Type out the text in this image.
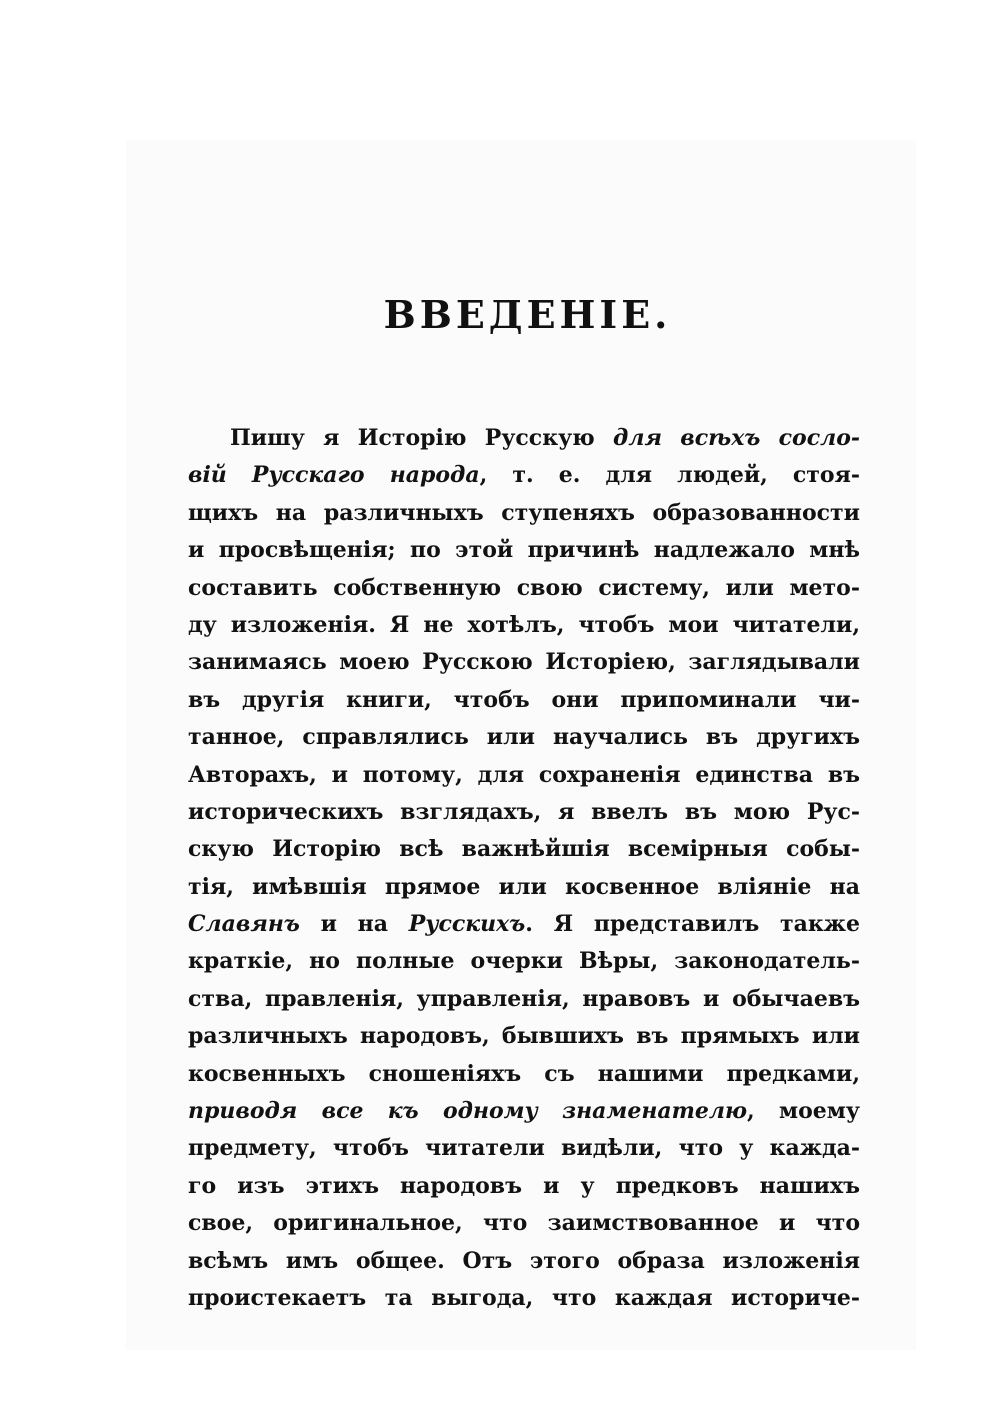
ВВЕДЕНIЕ.
Пишу я Исторiю Русскую для всѣхъ сосло-
вiй Русскаго народа, т. е. для людей, стоя-
щихъ на различныхъ ступеняхъ образованности
и просвѣщенiя; по этой причинѣ надлежало мнѣ
составить собственную свою систему, или мето-
ду изложенiя. Я не хотѣлъ, чтобъ мои читатели,
занимаясь моею Русскою Исторiею, заглядывали
въ другiя книги, чтобъ они припоминали чи-
танное, справлялись или научались въ другихъ
Авторахъ, и потому, для сохраненiя единства въ
историческихъ взглядахъ, я ввелъ въ мою Рус-
скую Исторiю всѣ важнѣйшiя всемiрныя собы-
тiя, имѣвшiя прямое или косвенное влiянiе на
Славянъ и на Русскихъ. Я представилъ также
краткiе, но полные очерки Вѣры, законодатель-
ства, правленiя, управленiя, нравовъ и обычаевъ
различныхъ народовъ, бывшихъ въ прямыхъ или
косвенныхъ сношенiяхъ съ нашими предками,
приводя все къ одному знаменателю, моему
предмету, чтобъ читатели видѣли, что у кажда-
го изъ этихъ народовъ и у предковъ нашихъ
свое, оригинальное, что заимствованное и что
всѣмъ имъ общее. Отъ этого образа изложенiя
проистекаетъ та выгода, что каждая историче-
